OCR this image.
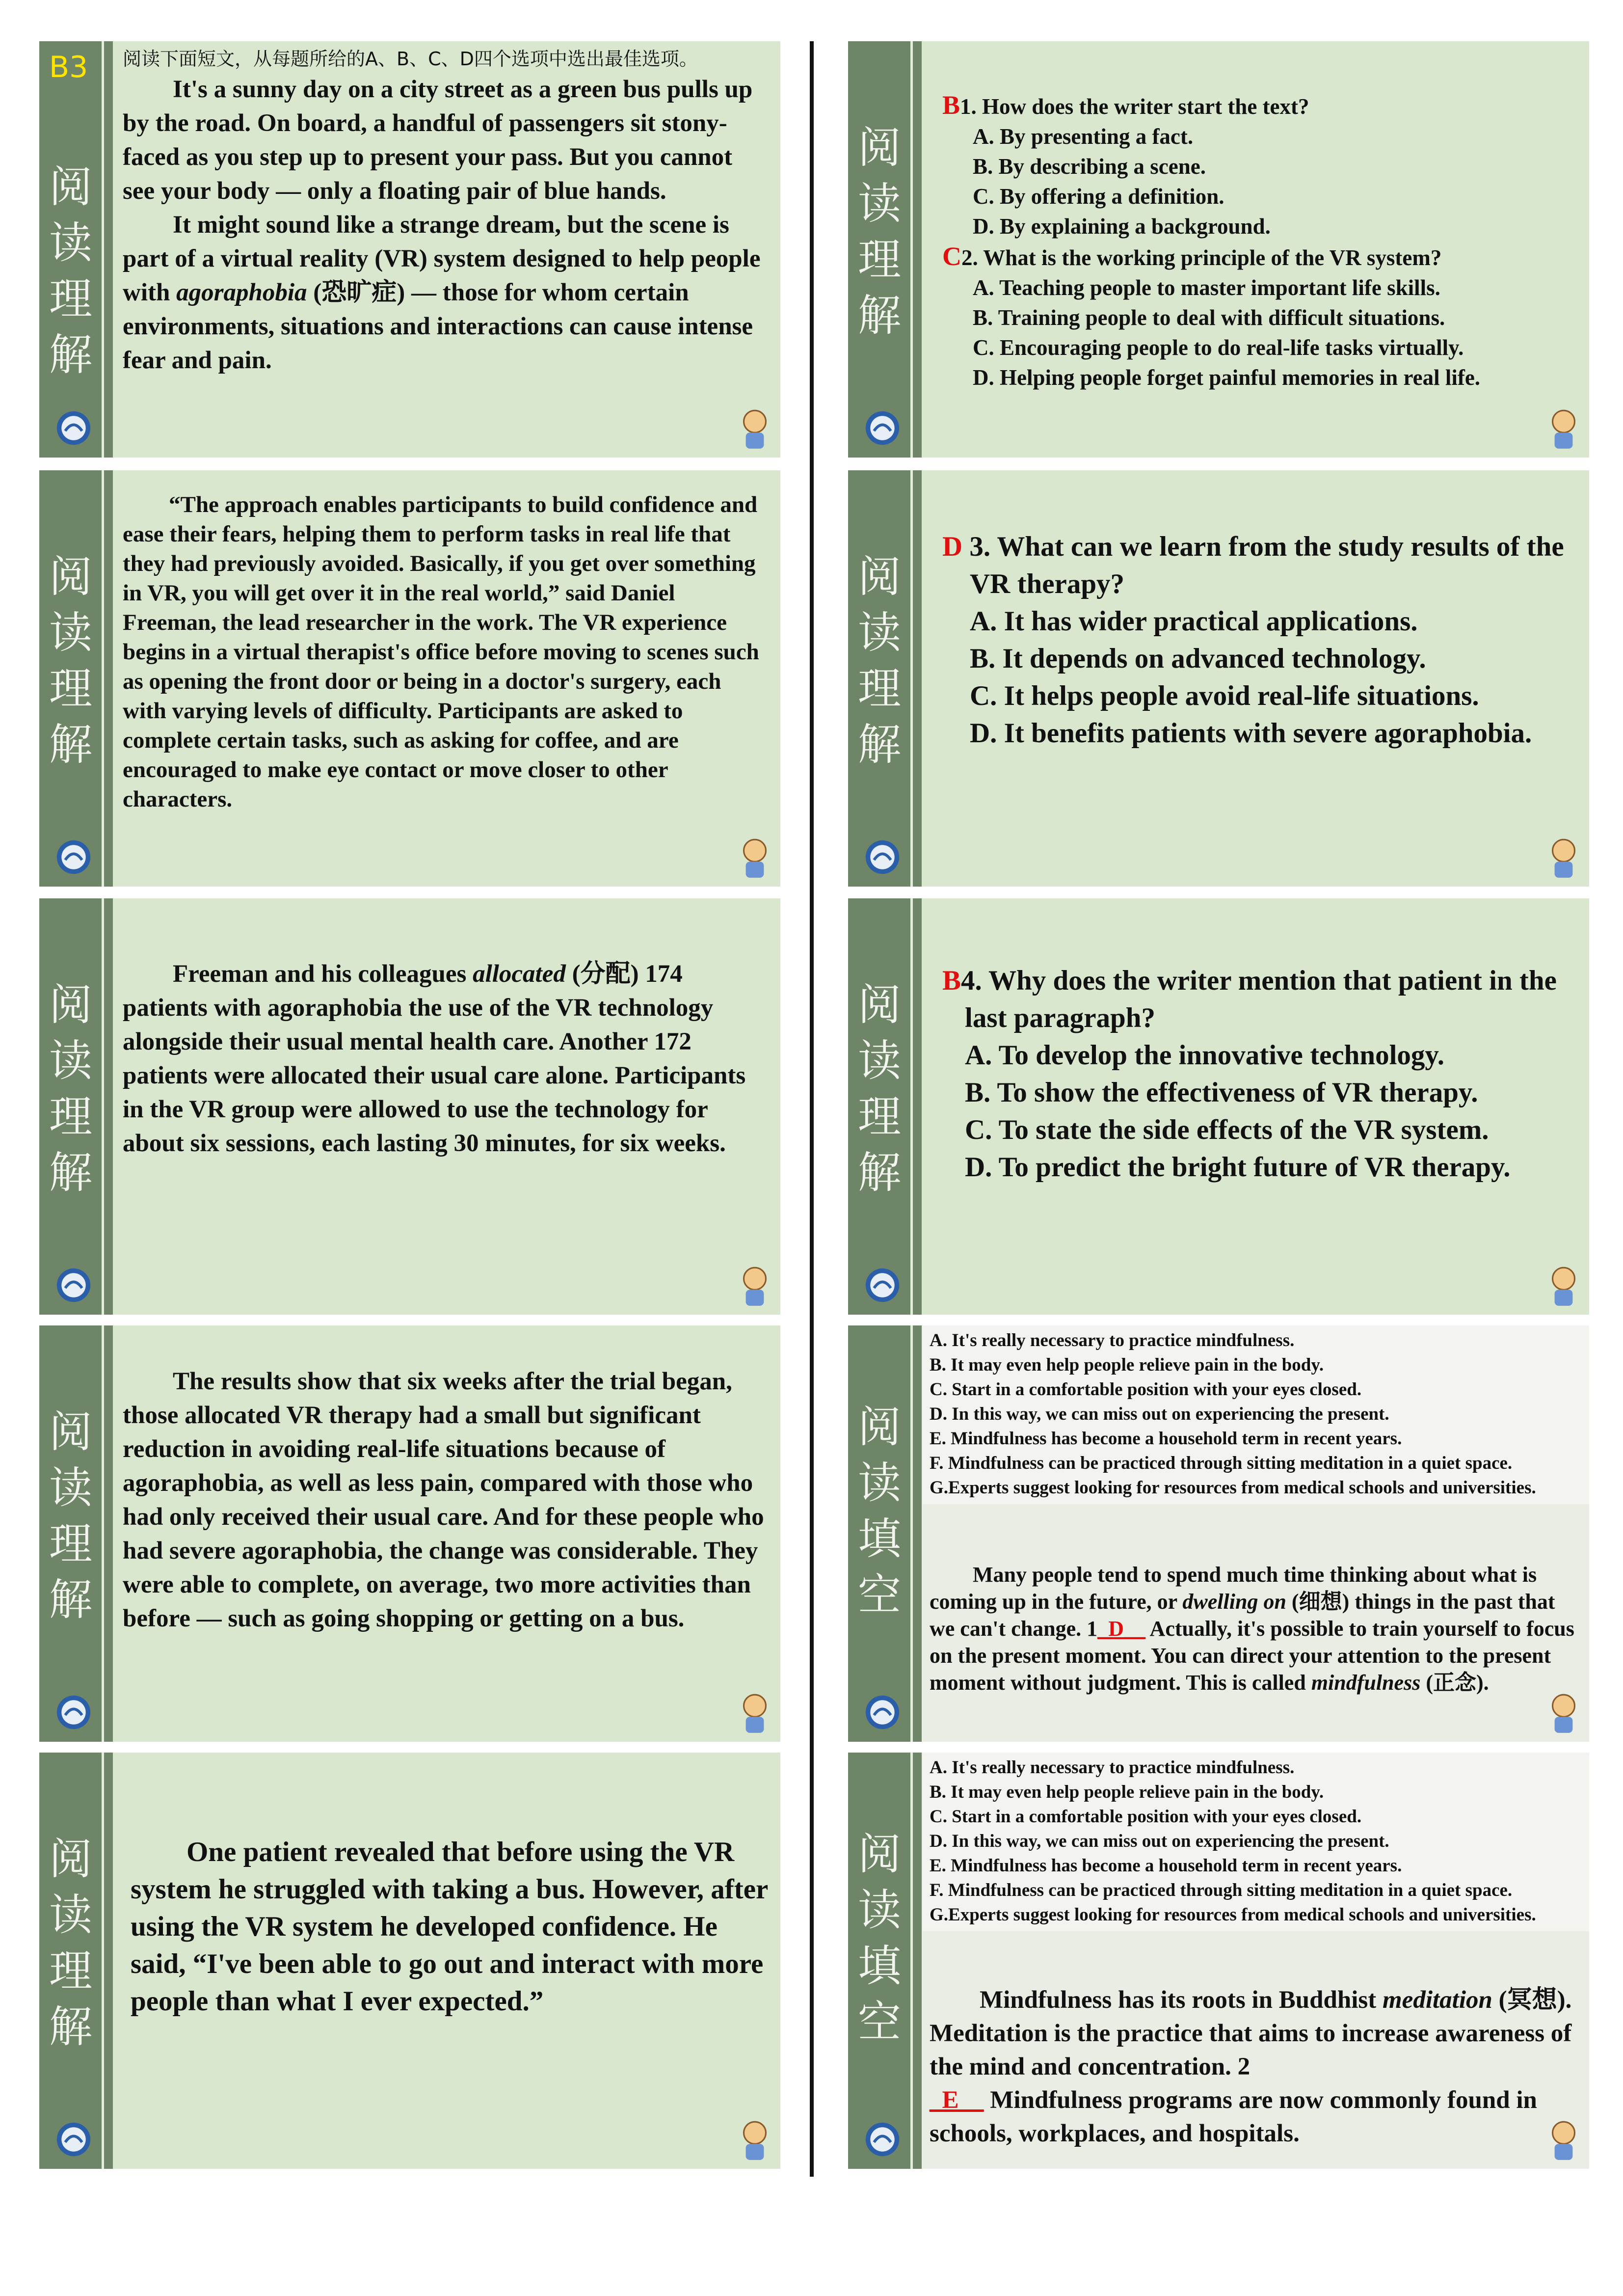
B3
阅
读
理
解

阅读下面短文，从每题所给的A、B、C、D四个选项中选出最佳选项。

It's a sunny day on a city street as a green bus pulls up by the road. On board, a handful of passengers sit stony-faced as you step up to present your pass. But you cannot see your body — only a floating pair of blue hands.

It might sound like a strange dream, but the scene is part of a virtual reality (VR) system designed to help people with agoraphobia (恐旷症) — those for whom certain environments, situations and interactions can cause intense fear and pain.

阅
读
理
解

“The approach enables participants to build confidence and ease their fears, helping them to perform tasks in real life that they had previously avoided. Basically, if you get over something in VR, you will get over it in the real world,” said Daniel Freeman, the lead researcher in the work. The VR experience begins in a virtual therapist's office before moving to scenes such as opening the front door or being in a doctor's surgery, each with varying levels of difficulty. Participants are asked to complete certain tasks, such as asking for coffee, and are encouraged to make eye contact or move closer to other characters.

阅
读
理
解

Freeman and his colleagues allocated (分配) 174 patients with agoraphobia the use of the VR technology alongside their usual mental health care. Another 172 patients were allocated their usual care alone. Participants in the VR group were allowed to use the technology for about six sessions, each lasting 30 minutes, for six weeks.

阅
读
理
解

The results show that six weeks after the trial began, those allocated VR therapy had a small but significant reduction in avoiding real-life situations because of agoraphobia, as well as less pain, compared with those who had only received their usual care. And for these people who had severe agoraphobia, the change was considerable. They were able to complete, on average, two more activities than before — such as going shopping or getting on a bus.

阅
读
理
解

One patient revealed that before using the VR system he struggled with taking a bus. However, after using the VR system he developed confidence. He said, “I've been able to go out and interact with more people than what I ever expected.”

阅
读
理
解

B1. How does the writer start the text?

A. By presenting a fact.
B. By describing a scene.
C. By offering a definition.
D. By explaining a background.

C2. What is the working principle of the VR system?

A. Teaching people to master important life skills.
B. Training people to deal with difficult situations.
C. Encouraging people to do real-life tasks virtually.
D. Helping people forget painful memories in real life.
阅
读
理
解

D 3. What can we learn from the study results of the VR therapy?

A. It has wider practical applications.
B. It depends on advanced technology.
C. It helps people avoid real-life situations.
D. It benefits patients with severe agoraphobia.
阅
读
理
解

B4. Why does the writer mention that patient in the last paragraph?

A. To develop the innovative technology.
B. To show the effectiveness of VR therapy.
C. To state the side effects of the VR system.
D. To predict the bright future of VR therapy.
阅
读
填
空
A. It's really necessary to practice mindfulness.
B. It may even help people relieve pain in the body.
C. Start in a comfortable position with your eyes closed.
D. In this way, we can miss out on experiencing the present.
E. Mindfulness has become a household term in recent years.
F. Mindfulness can be practiced through sitting meditation in a quiet space.
G.Experts suggest looking for resources from medical schools and universities.

Many people tend to spend much time thinking about what is coming up in the future, or dwelling on (细想) things in the past that we can't change. 1_D__ Actually, it's possible to train yourself to focus on the present moment. You can direct your attention to the present moment without judgment. This is called mindfulness (正念).

阅
读
填
空
A. It's really necessary to practice mindfulness.
B. It may even help people relieve pain in the body.
C. Start in a comfortable position with your eyes closed.
D. In this way, we can miss out on experiencing the present.
E. Mindfulness has become a household term in recent years.
F. Mindfulness can be practiced through sitting meditation in a quiet space.
G.Experts suggest looking for resources from medical schools and universities.

Mindfulness has its roots in Buddhist meditation (冥想). Meditation is the practice that aims to increase awareness of the mind and concentration. 2
_E__ Mindfulness programs are now commonly found in schools, workplaces, and hospitals.
